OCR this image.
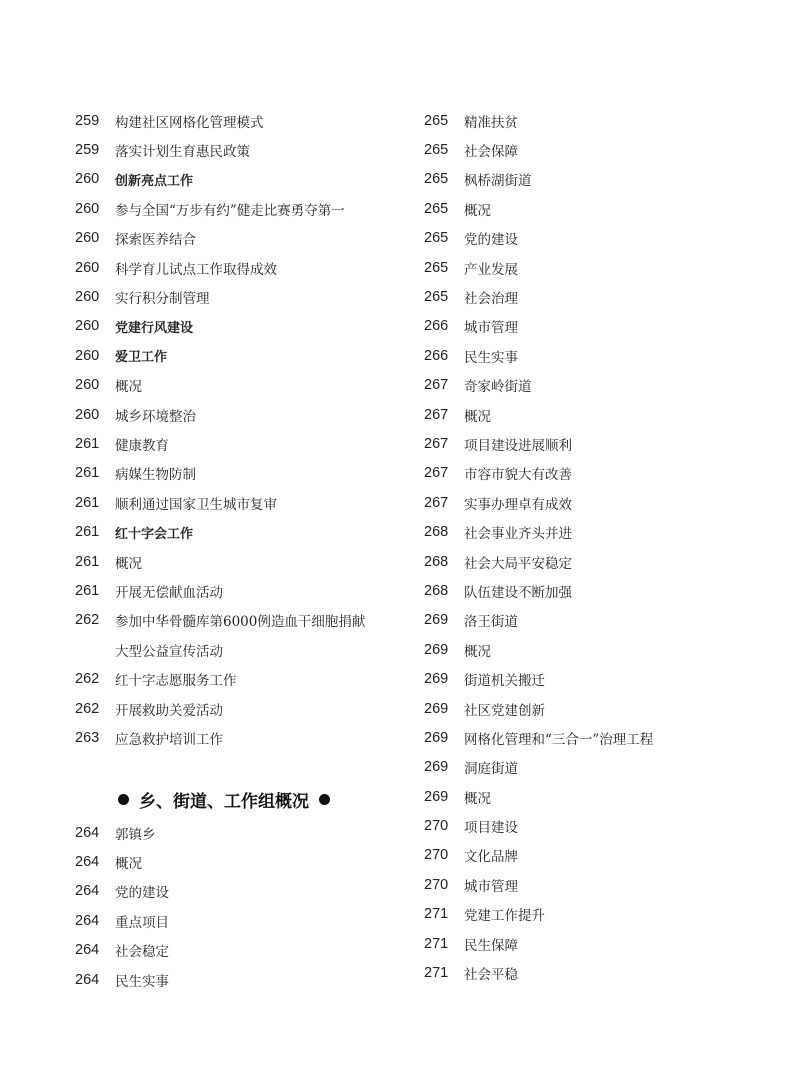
259	构建社区网格化管理模式
259	落实计划生育惠民政策
260	创新亮点工作
260	参与全国“万步有约”健走比赛勇夺第一
260	探索医养结合
260	科学育儿试点工作取得成效
260	实行积分制管理
260	党建行风建设
260	爱卫工作
260	概况
260	城乡环境整治
261	健康教育
261	病媒生物防制
261	顺利通过国家卫生城市复审
261	红十字会工作
261	概况
261	开展无偿献血活动
262	参加中华骨髓库第6000例造血干细胞捐献
大型公益宣传活动
262	红十字志愿服务工作
262	开展救助关爱活动
263	应急救护培训工作
乡、街道、工作组概况
264	郭镇乡
264	概况
264	党的建设
264	重点项目
264	社会稳定
264	民生实事
265	精准扶贫
265	社会保障
265	枫桥湖街道
265	概况
265	党的建设
265	产业发展
265	社会治理
266	城市管理
266	民生实事
267	奇家岭街道
267	概况
267	项目建设进展顺利
267	市容市貌大有改善
267	实事办理卓有成效
268	社会事业齐头并进
268	社会大局平安稳定
268	队伍建设不断加强
269	洛王街道
269	概况
269	街道机关搬迁
269	社区党建创新
269	网格化管理和“三合一”治理工程
269	洞庭街道
269	概况
270	项目建设
270	文化品牌
270	城市管理
271	党建工作提升
271	民生保障
271	社会平稳
